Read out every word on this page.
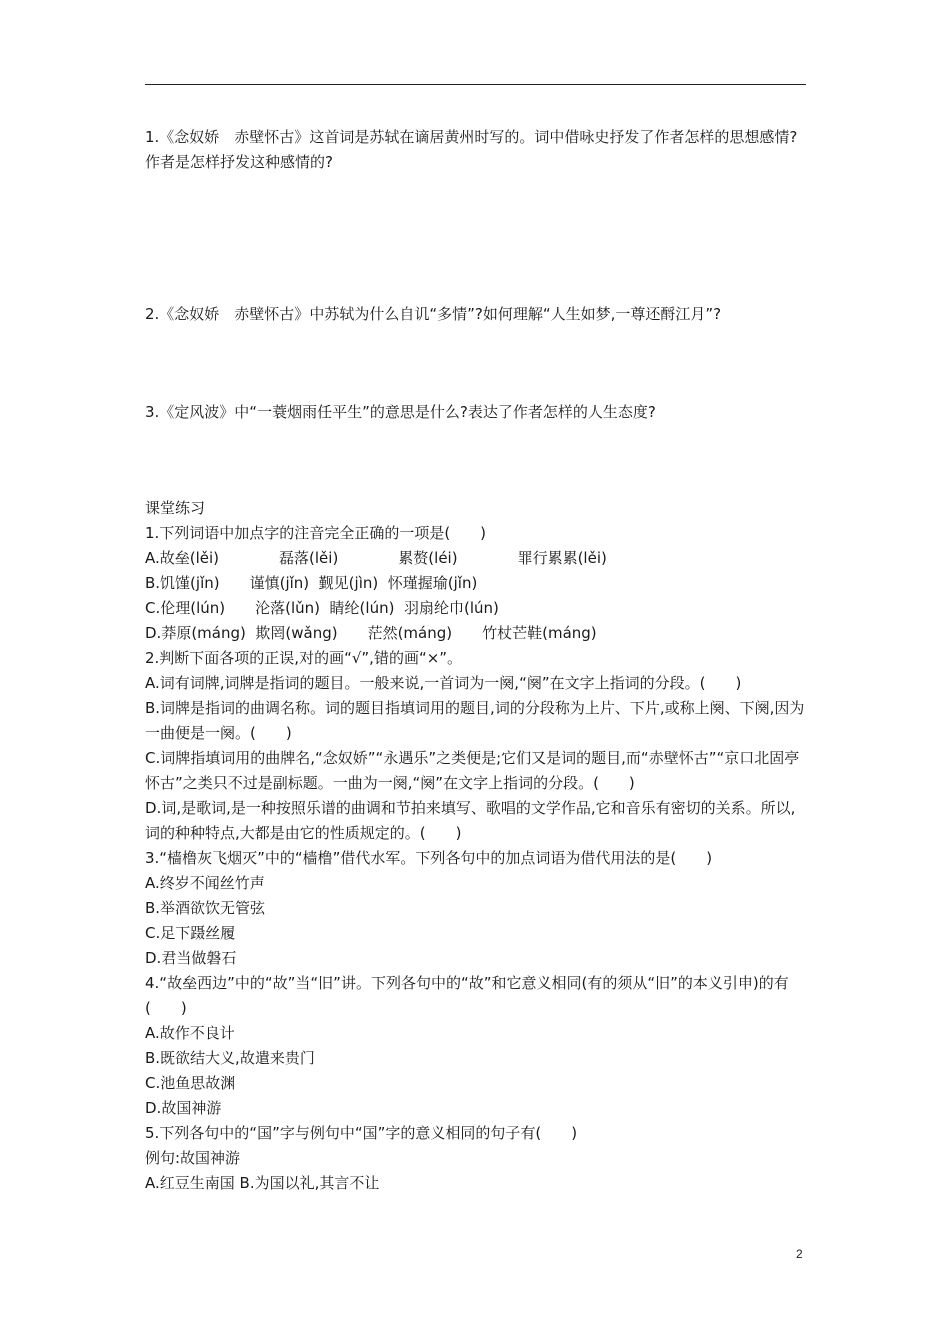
1.《念奴娇　赤壁怀古》这首词是苏轼在谪居黄州时写的。词中借咏史抒发了作者怎样的思想感情?作者是怎样抒发这种感情的?

2.《念奴娇　赤壁怀古》中苏轼为什么自讥“多情”?如何理解“人生如梦,一尊还酹江月”?

3.《定风波》中“一蓑烟雨任平生”的意思是什么?表达了作者怎样的人生态度?

课堂练习

1.下列词语中加点字的注音完全正确的一项是(　　)

A.故垒(lěi)　　　　磊落(lěi)　　　　累赘(léi)　　　　罪行累累(lěi)

B.饥馑(jǐn)　　谨慎(jǐn)  觐见(jìn)  怀瑾握瑜(jǐn)

C.伦理(lún)　　沦落(lǔn)  睛纶(lún)  羽扇纶巾(lún)

D.莽原(máng)  欺罔(wǎng)　　茫然(máng)　　竹杖芒鞋(máng)

2.判断下面各项的正误,对的画“√”,错的画“×”。

A.词有词牌,词牌是指词的题目。一般来说,一首词为一阕,“阕”在文字上指词的分段。(　　)

B.词牌是指词的曲调名称。词的题目指填词用的题目,词的分段称为上片、下片,或称上阕、下阕,因为一曲便是一阕。(　　)

C.词牌指填词用的曲牌名,“念奴娇”“永遇乐”之类便是;它们又是词的题目,而“赤壁怀古”“京口北固亭怀古”之类只不过是副标题。一曲为一阕,“阕”在文字上指词的分段。(　　)

D.词,是歌词,是一种按照乐谱的曲调和节拍来填写、歌唱的文学作品,它和音乐有密切的关系。所以,词的种种特点,大都是由它的性质规定的。(　　)

3.“樯橹灰飞烟灭”中的“樯橹”借代水军。下列各句中的加点词语为借代用法的是(　　)

A.终岁不闻丝竹声

B.举酒欲饮无管弦

C.足下蹑丝履

D.君当做磐石

4.“故垒西边”中的“故”当“旧”讲。下列各句中的“故”和它意义相同(有的须从“旧”的本义引申)的有(　　)

A.故作不良计

B.既欲结大义,故遣来贵门

C.池鱼思故渊

D.故国神游

5.下列各句中的“国”字与例句中“国”字的意义相同的句子有(　　)

例句:故国神游

A.红豆生南国 B.为国以礼,其言不让

2
